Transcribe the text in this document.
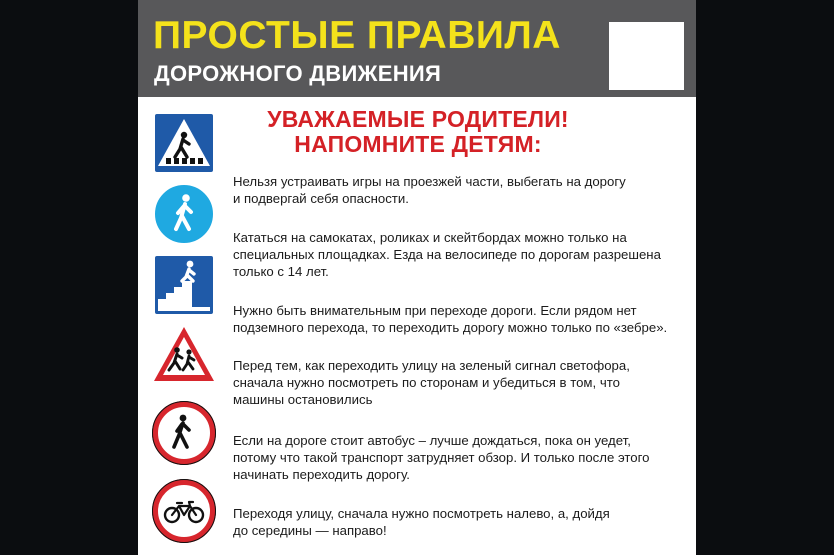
ПРОСТЫЕ ПРАВИЛА
ДОРОЖНОГО ДВИЖЕНИЯ
УВАЖАЕМЫЕ РОДИТЕЛИ!
НАПОМНИТЕ ДЕТЯМ:
Нельзя устраивать игры на проезжей части, выбегать на дорогу
и подвергай себя опасности.
Кататься на самокатах, роликах и скейтбордах можно только на
специальных площадках. Езда на велосипеде по дорогам разрешена
только с 14 лет.
Нужно быть внимательным при переходе дороги. Если рядом нет
подземного перехода, то переходить дорогу можно только по «зебре».
Перед тем, как переходить улицу на зеленый сигнал светофора,
сначала нужно посмотреть по сторонам и убедиться в том, что
машины остановились
Если на дороге стоит автобус – лучше дождаться, пока он уедет,
потому что такой транспорт затрудняет обзор. И только после этого
начинать переходить дорогу.
Переходя улицу, сначала нужно посмотреть налево, а, дойдя
до середины — направо!
